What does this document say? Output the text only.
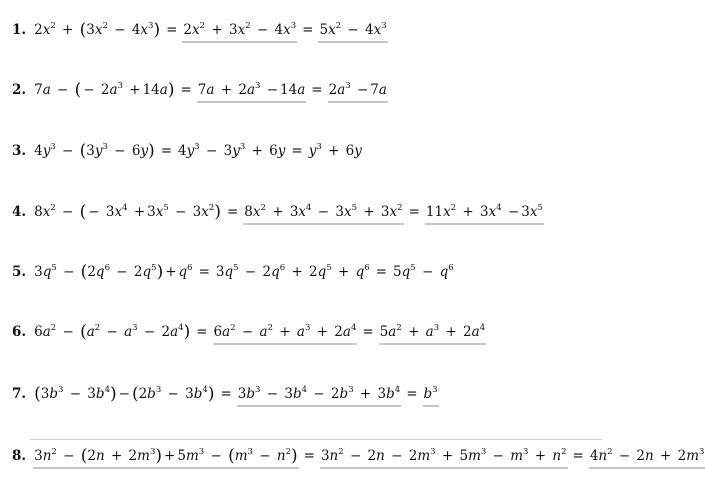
1. $2x^2 + (3x^2 - 4x^3) = 2x^2 + 3x^2 - 4x^3 = 5x^2 - 4x^3$
2. 7a − ( − $2a^3 + 14a) = 7a + 2a^3 - 14a = 2a^3 - 7a$
3. $4y^3 - (3y^3 - 6y) = 4y^3 - 3y^3 + 6y = y^3 + 6y$
4. $8x^2$ − ( − $3x^4 + 3x^5 - 3x^2) = 8x^2 + 3x^4 - 3x^5 + 3x^2 = 11x^2 + 3x^4 - 3x^5$
5. $3q^5 - (2q^6 - 2q^5) + q^6 = 3q^5 - 2q^6 + 2q^5 + q^6 = 5q^5 - q^6$
6. $6a^2 - (a^2 - a^3 - 2a^4) = 6a^2 - a^2 + a^3 + 2a^4 = 5a^2 + a^3 + 2a^4$
7. $(3b^3 - 3b^4) - (2b^3 - 3b^4) = 3b^3 - 3b^4 - 2b^3 + 3b^4 = b^3$
8. $3n^2 - (2n + 2m^3) + 5m^3 - (m^3 - n^2) = 3n^2 - 2n - 2m^3 + 5m^3 - m^3 + n^2 = 4n^2 - 2n + 2m^3$
